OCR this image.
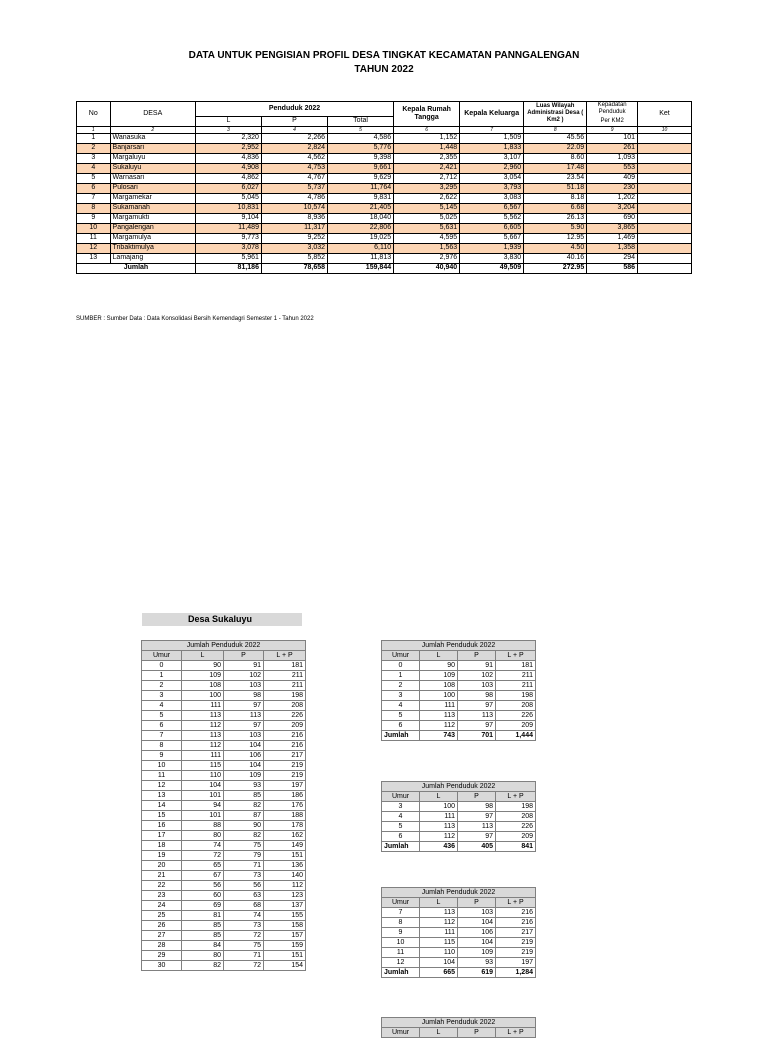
DATA UNTUK PENGISIAN PROFIL DESA TINGKAT KECAMATAN PANNGALENGAN
TAHUN 2022
No	DESA	Penduduk 2022			Kepala Rumah Tangga	Kepala Keluarga	Luas Wilayah Administrasi Desa ( Km2 )	Kepadatan Penduduk	Ket
		L	P	Total				Per KM2	
1	2	3	4	5	6	7	8	9	10
1	Wanasuka	2,320	2,266	4,586	1,152	1,509	45.56	101	
2	Banjarsari	2,952	2,824	5,776	1,448	1,833	22.09	261	
3	Margaluyu	4,836	4,562	9,398	2,355	3,107	8.60	1,093	
4	Sukaluyu	4,908	4,753	9,661	2,421	2,960	17.48	553	
5	Warnasari	4,862	4,767	9,629	2,712	3,054	23.54	409	
6	Pulosari	6,027	5,737	11,764	3,295	3,793	51.18	230	
7	Margamekar	5,045	4,786	9,831	2,622	3,083	8.18	1,202	
8	Sukamanah	10,831	10,574	21,405	5,145	6,567	6.68	3,204	
9	Margamukti	9,104	8,936	18,040	5,025	5,562	26.13	690	
10	Pangalengan	11,489	11,317	22,806	5,631	6,605	5.90	3,865	
11	Margamulya	9,773	9,252	19,025	4,595	5,667	12.95	1,469	
12	Tribaktimulya	3,078	3,032	6,110	1,563	1,939	4.50	1,358	
13	Lamajang	5,961	5,852	11,813	2,976	3,830	40.16	294	
Jumlah		81,186	78,658	159,844	40,940	49,509	272.95	586	
SUMBER : Sumber Data : Data Konsolidasi Bersih Kemendagri Semester 1 - Tahun 2022
Desa Sukaluyu
Jumlah Penduduk 2022			
Umur	L	P	L + P
0	90	91	181
1	109	102	211
2	108	103	211
3	100	98	198
4	111	97	208
5	113	113	226
6	112	97	209
7	113	103	216
8	112	104	216
9	111	106	217
10	115	104	219
11	110	109	219
12	104	93	197
13	101	85	186
14	94	82	176
15	101	87	188
16	88	90	178
17	80	82	162
18	74	75	149
19	72	79	151
20	65	71	136
21	67	73	140
22	56	56	112
23	60	63	123
24	69	68	137
25	81	74	155
26	85	73	158
27	85	72	157
28	84	75	159
29	80	71	151
30	82	72	154
Jumlah Penduduk 2022			
Umur	L	P	L + P
0	90	91	181
1	109	102	211
2	108	103	211
3	100	98	198
4	111	97	208
5	113	113	226
6	112	97	209
Jumlah	743	701	1,444
Jumlah Penduduk 2022			
Umur	L	P	L + P
3	100	98	198
4	111	97	208
5	113	113	226
6	112	97	209
Jumlah	436	405	841
Jumlah Penduduk 2022			
Umur	L	P	L + P
7	113	103	216
8	112	104	216
9	111	106	217
10	115	104	219
11	110	109	219
12	104	93	197
Jumlah	665	619	1,284
Jumlah Penduduk 2022
Umur	L	P	L + P
